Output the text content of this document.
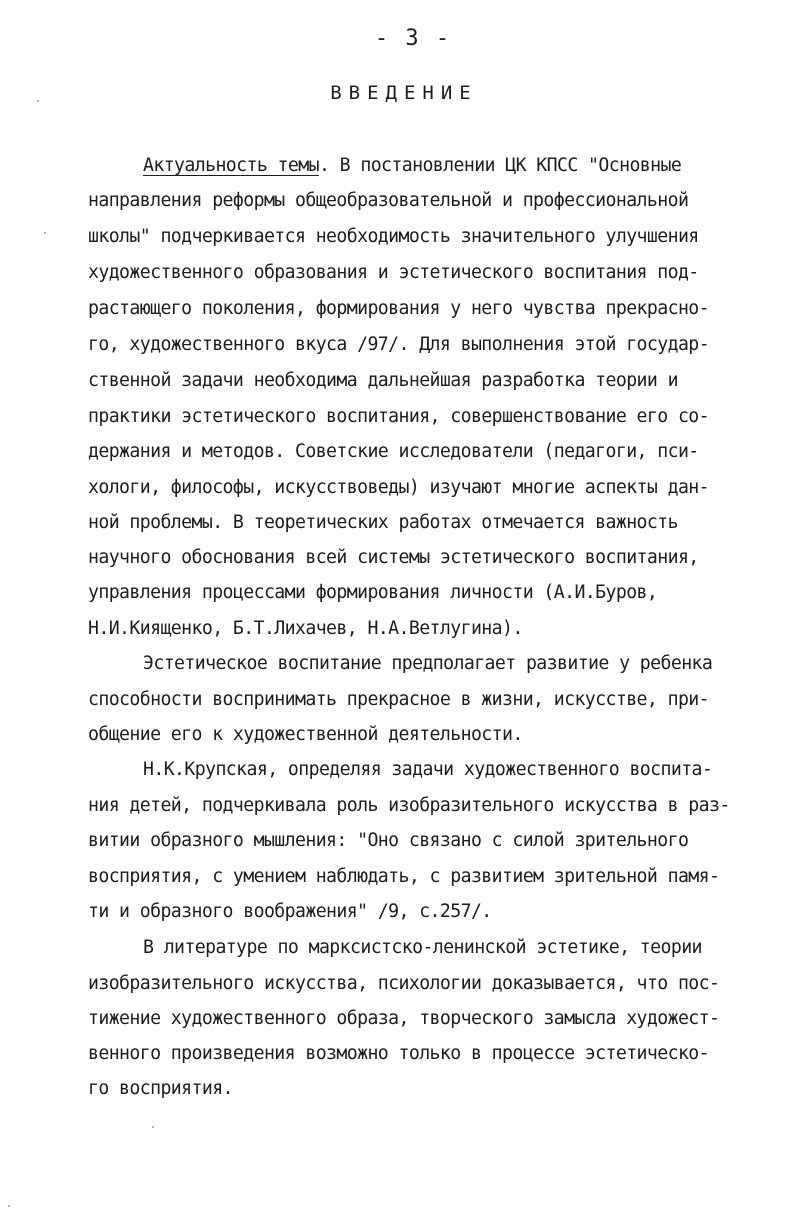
- 3 -
ВВЕДЕНИЕ
Актуальность темы. В постановлении ЦК КПСС "Основные
направления реформы общеобразовательной и профессиональной
школы" подчеркивается необходимость значительного улучшения
художественного образования и эстетического воспитания под-
растающего поколения, формирования у него чувства прекрасно-
го, художественного вкуса /97/. Для выполнения этой государ-
ственной задачи необходима дальнейшая разработка теории и
практики эстетического воспитания, совершенствование его со-
держания и методов. Советские исследователи (педагоги, пси-
хологи, философы, искусствоведы) изучают многие аспекты дан-
ной проблемы. В теоретических работах отмечается важность
научного обоснования всей системы эстетического воспитания,
управления процессами формирования личности (А.И.Буров,
Н.И.Киященко, Б.Т.Лихачев, Н.А.Ветлугина).
Эстетическое воспитание предполагает развитие у ребенка
способности воспринимать прекрасное в жизни, искусстве, при-
общение его к художественной деятельности.
Н.К.Крупская, определяя задачи художественного воспита-
ния детей, подчеркивала роль изобразительного искусства в раз-
витии образного мышления: "Оно связано с силой зрительного
восприятия, с умением наблюдать, с развитием зрительной памя-
ти и образного воображения" /9, с.257/.
В литературе по марксистско-ленинской эстетике, теории
изобразительного искусства, психологии доказывается, что пос-
тижение художественного образа, творческого замысла художест-
венного произведения возможно только в процессе эстетическо-
го восприятия.
